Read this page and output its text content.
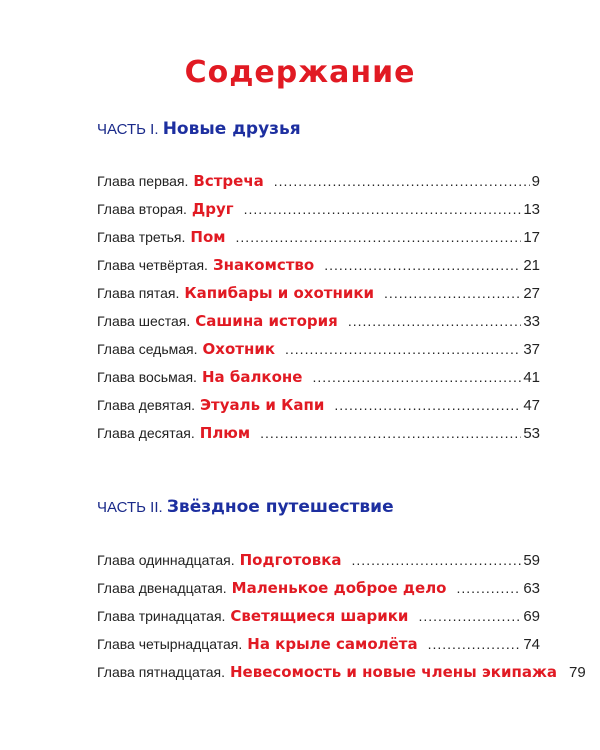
Содержание
ЧАСТЬ I. Новые друзья
Глава первая. Встреча .....	9
Глава вторая. Друг .....	13
Глава третья. Пом .....	17
Глава четвёртая. Знакомство .....	21
Глава пятая. Капибары и охотники .....	27
Глава шестая. Сашина история .....	33
Глава седьмая. Охотник .....	37
Глава восьмая. На балконе .....	41
Глава девятая. Этуаль и Капи .....	47
Глава десятая. Плюм .....	53
ЧАСТЬ II. Звёздное путешествие
Глава одиннадцатая. Подготовка .....	59
Глава двенадцатая. Маленькое доброе дело .....	63
Глава тринадцатая. Светящиеся шарики .....	69
Глава четырнадцатая. На крыле самолёта .....	74
Глава пятнадцатая. Невесомость и новые члены экипажа 79
